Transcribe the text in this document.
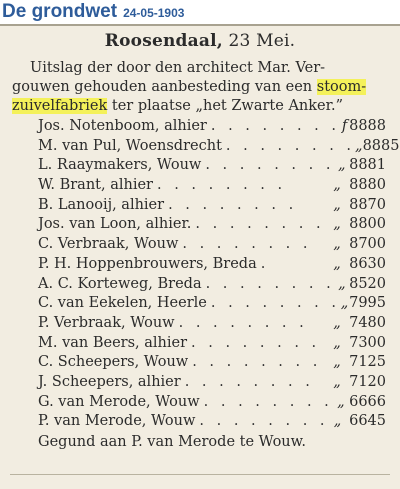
De grondwet 24-05-1903
Roosendaal, 23 Mei.
Uitslag der door den architect Mar. Ver-
gouwen gehouden aanbesteding van een stoom-
zuivelfabriek ter plaatse „het Zwarte Anker.”
Jos. Notenboom, alhier . . . . . . . . f 8888
M. van Pul, Woensdrecht . . . . . . . . „ 8885
L. Raaymakers, Wouw . . . . . . . . „ 8881
W. Brant, alhier . . . . . . . .	„ 8880
B. Lanooij, alhier . . . . . . . .	„ 8870
Jos. van Loon, alhier. . . . . . . . . „ 8800
C. Verbraak, Wouw . . . . . . . .	„ 8700
P. H. Hoppenbrouwers, Breda .	„ 8630
A. C. Korteweg, Breda . . . . . . . . „ 8520
C. van Eekelen, Heerle . . . . . . . . „ 7995
P. Verbraak, Wouw . . . . . . . .	„ 7480
M. van Beers, alhier . . . . . . . . „ 7300
C. Scheepers, Wouw . . . . . . . . „ 7125
J. Scheepers, alhier . . . . . . . .	„ 7120
G. van Merode, Wouw . . . . . . . . „ 6666
P. van Merode, Wouw . . . . . . . . „ 6645
Gegund aan P. van Merode te Wouw.
